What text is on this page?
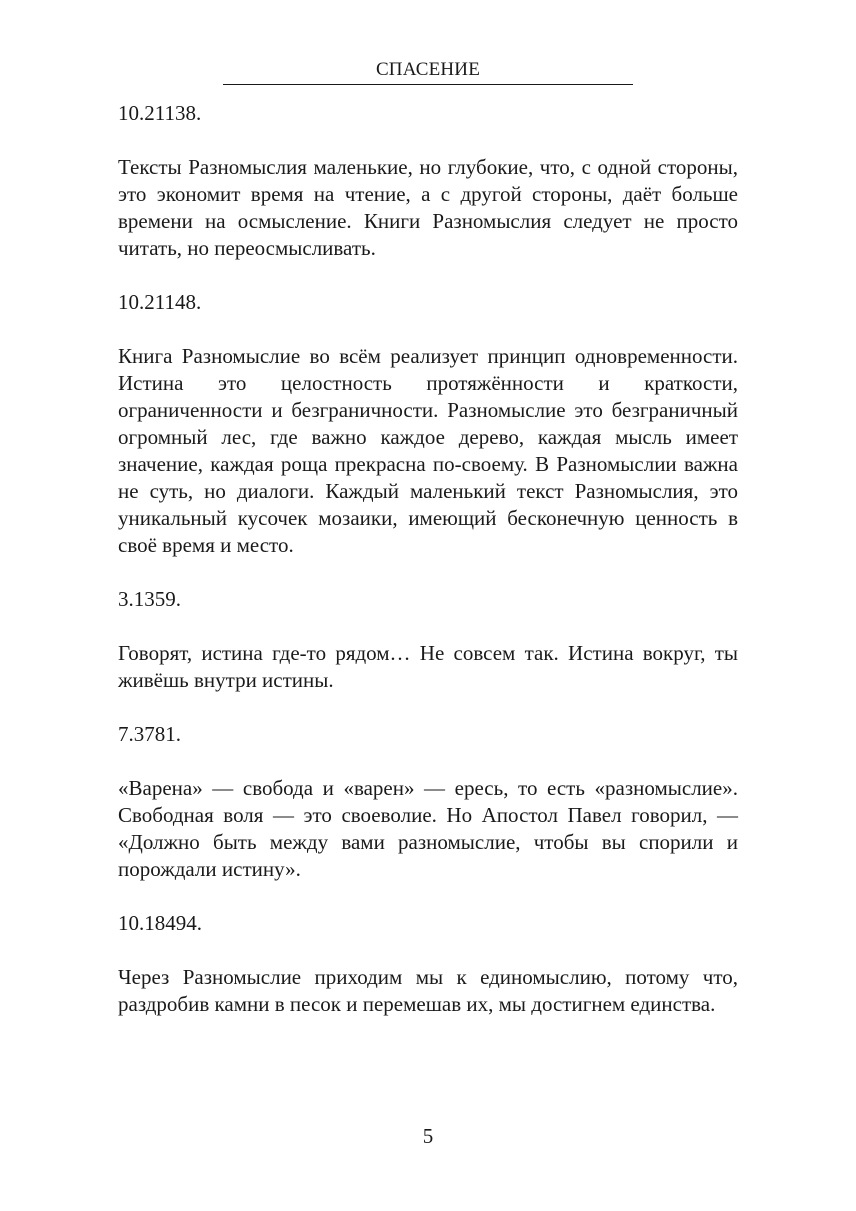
СПАСЕНИЕ

10.21138.

Тексты Разномыслия маленькие, но глубокие, что, с одной стороны, это экономит время на чтение, а с другой стороны, даёт больше времени на осмысление. Книги Разномыслия следует не просто читать, но переосмысливать.

10.21148.

Книга Разномыслие во всём реализует принцип одновременности. Истина это целостность протяжённости и краткости, ограниченности и безграничности. Разномыслие это безграничный огромный лес, где важно каждое дерево, каждая мысль имеет значение, каждая роща прекрасна по-своему. В Разномыслии важна не суть, но диалоги. Каждый маленький текст Разномыслия, это уникальный кусочек мозаики, имеющий бесконечную ценность в своё время и место.

3.1359.

Говорят, истина где-то рядом… Не совсем так. Истина вокруг, ты живёшь внутри истины.

7.3781.

«Варена» — свобода и «варен» — ересь, то есть «разномыслие». Свободная воля — это своеволие. Но Апостол Павел говорил, — «Должно быть между вами разномыслие, чтобы вы спорили и порождали истину».

10.18494.

Через Разномыслие приходим мы к единомыслию, потому что, раздробив камни в песок и перемешав их, мы достигнем единства.

5
